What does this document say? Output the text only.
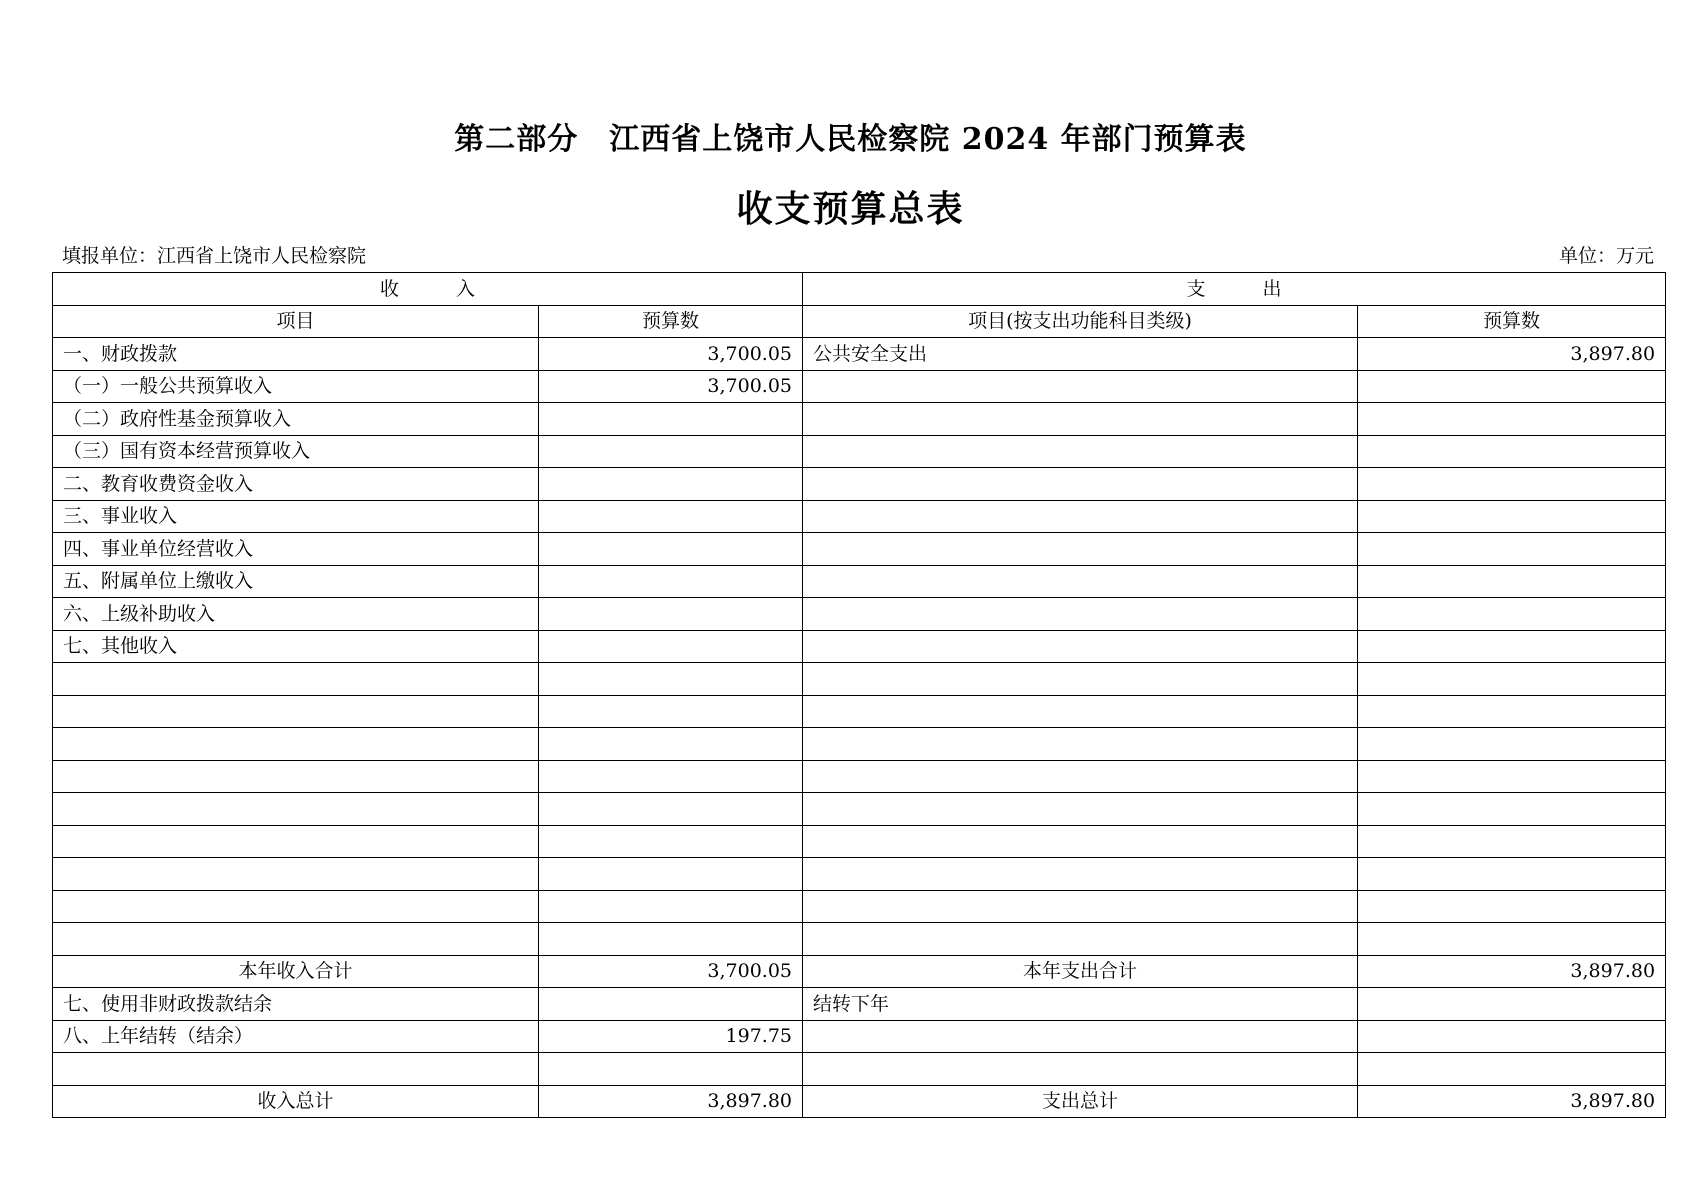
第二部分　江西省上饶市人民检察院 2024 年部门预算表
收支预算总表
填报单位：江西省上饶市人民检察院	单位：万元
收　　　入		支　　　出	
项目	预算数	项目(按支出功能科目类级)	预算数
一、财政拨款	3,700.05	公共安全支出	3,897.80
（一）一般公共预算收入	3,700.05		
（二）政府性基金预算收入			
（三）国有资本经营预算收入			
二、教育收费资金收入			
三、事业收入			
四、事业单位经营收入			
五、附属单位上缴收入			
六、上级补助收入			
七、其他收入			

本年收入合计	3,700.05	本年支出合计	3,897.80
七、使用非财政拨款结余		结转下年	
八、上年结转（结余）	197.75		

收入总计	3,897.80	支出总计	3,897.80
